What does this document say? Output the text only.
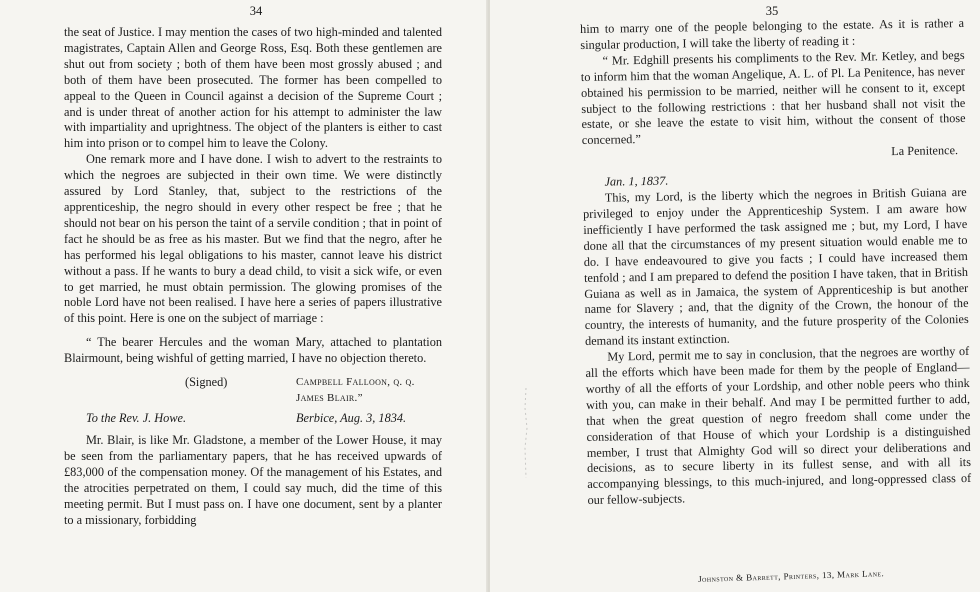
34

the seat of Justice. I may mention the cases of two high-minded and talented magistrates, Captain Allen and George Ross, Esq. Both these gentlemen are shut out from society ; both of them have been most grossly abused ; and both of them have been prosecuted. The former has been compelled to appeal to the Queen in Council against a decision of the Supreme Court ; and is under threat of another action for his attempt to administer the law with impartiality and uprightness. The object of the planters is either to cast him into prison or to compel him to leave the Colony.

One remark more and I have done. I wish to advert to the restraints to which the negroes are subjected in their own time. We were distinctly assured by Lord Stanley, that, subject to the restrictions of the apprenticeship, the negro should in every other respect be free ; that he should not bear on his person the taint of a servile condition ; that in point of fact he should be as free as his master. But we find that the negro, after he has performed his legal obligations to his master, cannot leave his district without a pass. If he wants to bury a dead child, to visit a sick wife, or even to get married, he must obtain permission. The glowing promises of the noble Lord have not been realised. I have here a series of papers illustrative of this point. Here is one on the subject of marriage :

“ The bearer Hercules and the woman Mary, attached to plantation Blairmount, being wishful of getting married, I have no objection thereto.

(Signed)	Campbell Falloon, q. q.
James Blair.”
To the Rev. J. Howe.	Berbice, Aug. 3, 1834.

Mr. Blair, is like Mr. Gladstone, a member of the Lower House, it may be seen from the parliamentary papers, that he has received upwards of £83,000 of the compensation money. Of the management of his Estates, and the atrocities perpetrated on them, I could say much, did the time of this meeting permit. But I must pass on. I have one document, sent by a planter to a missionary, forbidding

35

him to marry one of the people belonging to the estate. As it is rather a singular production, I will take the liberty of reading it :

“ Mr. Edghill presents his compliments to the Rev. Mr. Ketley, and begs to inform him that the woman Angelique, A. L. of Pl. La Penitence, has never obtained his permission to be married, neither will he consent to it, except subject to the following restrictions : that her husband shall not visit the estate, or she leave the estate to visit him, without the consent of those concerned.”

La Penitence.

Jan. 1, 1837.

This, my Lord, is the liberty which the negroes in British Guiana are privileged to enjoy under the Apprenticeship System. I am aware how inefficiently I have performed the task assigned me ; but, my Lord, I have done all that the circumstances of my present situation would enable me to do. I have endeavoured to give you facts ; I could have increased them tenfold ; and I am prepared to defend the position I have taken, that in British Guiana as well as in Jamaica, the system of Apprenticeship is but another name for Slavery ; and, that the dignity of the Crown, the honour of the country, the interests of humanity, and the future prosperity of the Colonies demand its instant extinction.

My Lord, permit me to say in conclusion, that the negroes are worthy of all the efforts which have been made for them by the people of England—worthy of all the efforts of your Lordship, and other noble peers who think with you, can make in their behalf. And may I be permitted further to add, that when the great question of negro freedom shall come under the consideration of that House of which your Lordship is a distinguished member, I trust that Almighty God will so direct your deliberations and decisions, as to secure liberty in its fullest sense, and with all its accompanying blessings, to this much-injured, and long-oppressed class of our fellow-subjects.

Johnston & Barrett, Printers, 13, Mark Lane.
